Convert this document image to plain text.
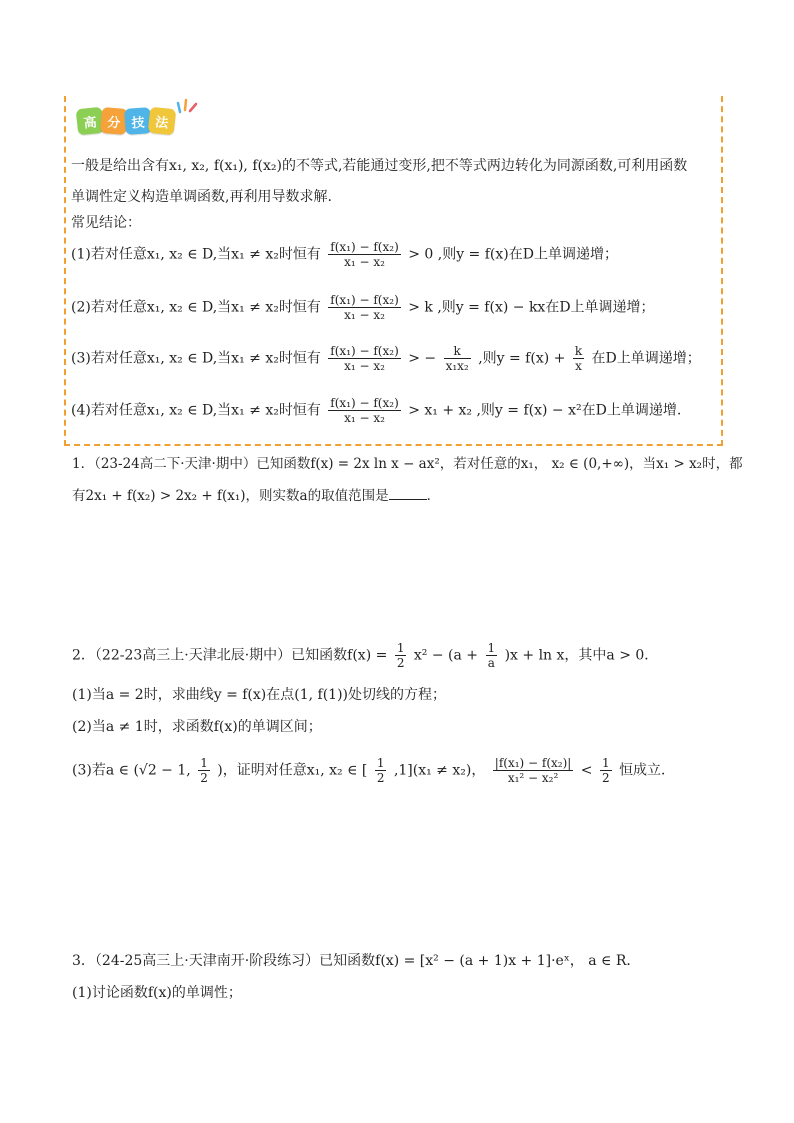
高 分 技 法
一般是给出含有x₁, x₂, f(x₁), f(x₂)的不等式,若能通过变形,把不等式两边转化为同源函数,可利用函数
单调性定义构造单调函数,再利用导数求解.
常见结论：
(1)若对任意x₁, x₂ ∈ D,当x₁ ≠ x₂时恒有 $\frac{\text{f(x₁) − f(x₂)}}{\text{x₁ − x₂}} > 0$ ,则y = f(x)在D上单调递增；
(2)若对任意x₁, x₂ ∈ D,当x₁ ≠ x₂时恒有 $\frac{\text{f(x₁) − f(x₂)}}{\text{x₁ − x₂}} > k$ ,则y = f(x) − kx在D上单调递增；
(3)若对任意x₁, x₂ ∈ D,当x₁ ≠ x₂时恒有 $\frac{\text{f(x₁) − f(x₂)}}{\text{x₁ − x₂}}$ > − $\frac{k}{\text{x₁x₂}}$ ,则$y = f(x) + \frac{k}{x}$ 在D上单调递增；
(4)若对任意x₁, x₂ ∈ D,当x₁ ≠ x₂时恒有 $\frac{\text{f(x₁) − f(x₂)}}{\text{x₁ − x₂}} > x_1 + x_2$ ,则y = f(x) − x²在D上单调递增.
1．（23-24高二下·天津·期中）已知函数f(x) = 2x ln x − ax²，若对任意的x₁， x₂ ∈ (0,+∞)，当x₁ > x₂时，都
有2x₁ + f(x₂) > 2x₂ + f(x₁)，则实数a的取值范围是	．
2．（22-23高三上·天津北辰·期中）已知函数$f(x) = \frac{1}{2} x^2 - (a + \frac{1}{a} )x + \ln x$，其中a > 0．
(1)当a = 2时，求曲线y = f(x)在点(1, f(1))处切线的方程；
(2)当a ≠ 1时，求函数f(x)的单调区间；
(3)若a ∈ (√2 − 1, $\frac{1}{2}$ )，证明对任意x₁, x₂ ∈ [ $\frac{1}{2} ,1](x_1 \ne x_2)$， $\frac{\text{|f(x₁) − f(x₂)|}}{\text{x₁² − x₂²}} < \frac{1}{2}$ 恒成立．
3．（24-25高三上·天津南开·阶段练习）已知函数f(x) = [x² − (a + 1)x + 1]·eˣ， a ∈ R．
(1)讨论函数f(x)的单调性；
